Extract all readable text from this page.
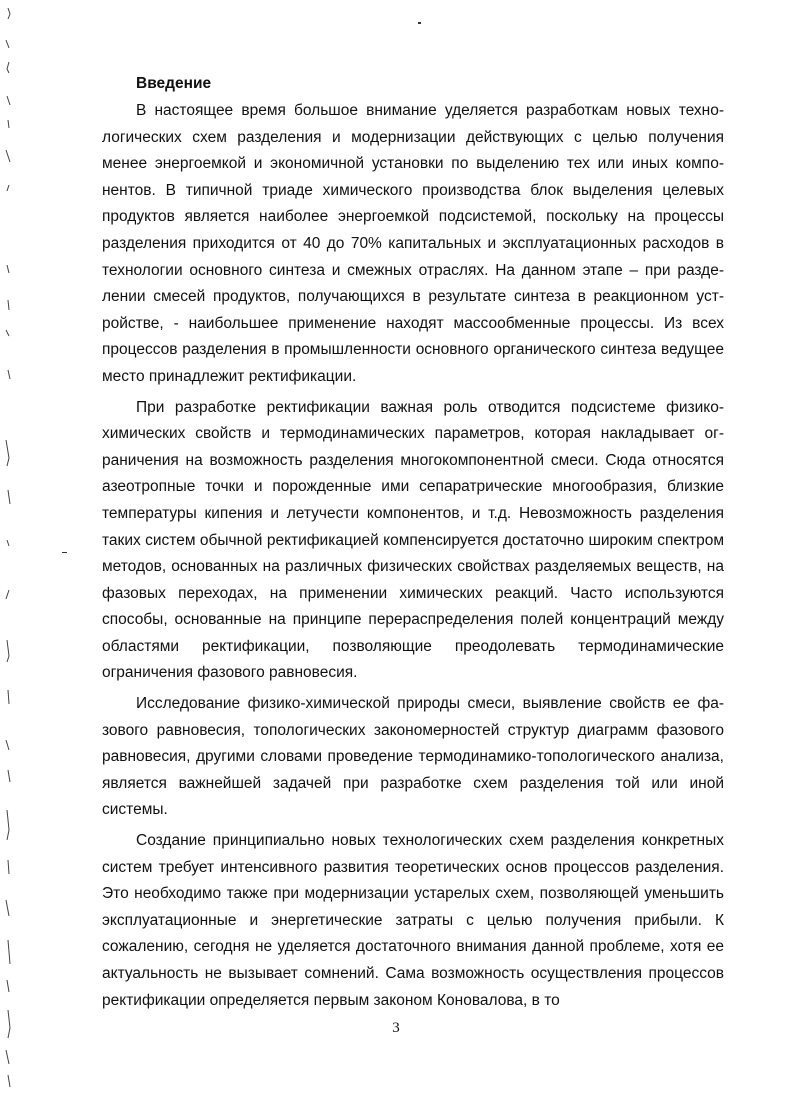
Введение

В настоящее время большое внимание уделяется разработкам новых технологических схем разделения и модернизации действующих с целью получения менее энергоемкой и экономичной установки по выделению тех или иных компонентов. В типичной триаде химического производства блок выделения целевых продуктов является наиболее энергоемкой подсистемой, поскольку на процессы разделения приходится от 40 до 70% капитальных и эксплуатационных расходов в технологии основного синтеза и смежных отраслях. На данном этапе – при разделении смесей продуктов, получающихся в результате синтеза в реакционном устройстве, - наибольшее применение находят массообменные процессы. Из всех процессов разделения в промышленности основного органического синтеза ведущее место принадлежит ректификации.

При разработке ректификации важная роль отводится подсистеме физико-химических свойств и термодинамических параметров, которая накладывает ограничения на возможность разделения многокомпонентной смеси. Сюда относятся азеотропные точки и порожденные ими сепаратрические многообразия, близкие температуры кипения и летучести компонентов, и т.д. Невозможность разделения таких систем обычной ректификацией компенсируется достаточно широким спектром методов, основанных на различных физических свойствах разделяемых веществ, на фазовых переходах, на применении химических реакций. Часто используются способы, основанные на принципе перераспределения полей концентраций между областями ректификации, позволяющие преодолевать термодинамические ограничения фазового равновесия.

Исследование физико-химической природы смеси, выявление свойств ее фазового равновесия, топологических закономерностей структур диаграмм фазового равновесия, другими словами проведение термодинамико-топологического анализа, является важнейшей задачей при разработке схем разделения той или иной системы.

Создание принципиально новых технологических схем разделения конкретных систем требует интенсивного развития теоретических основ процессов разделения. Это необходимо также при модернизации устарелых схем, позволяющей уменьшить эксплуатационные и энергетические затраты с целью получения прибыли. К сожалению, сегодня не уделяется достаточного внимания данной проблеме, хотя ее актуальность не вызывает сомнений. Сама возможность осуществления процессов ректификации определяется первым законом Коновалова, в то

3
